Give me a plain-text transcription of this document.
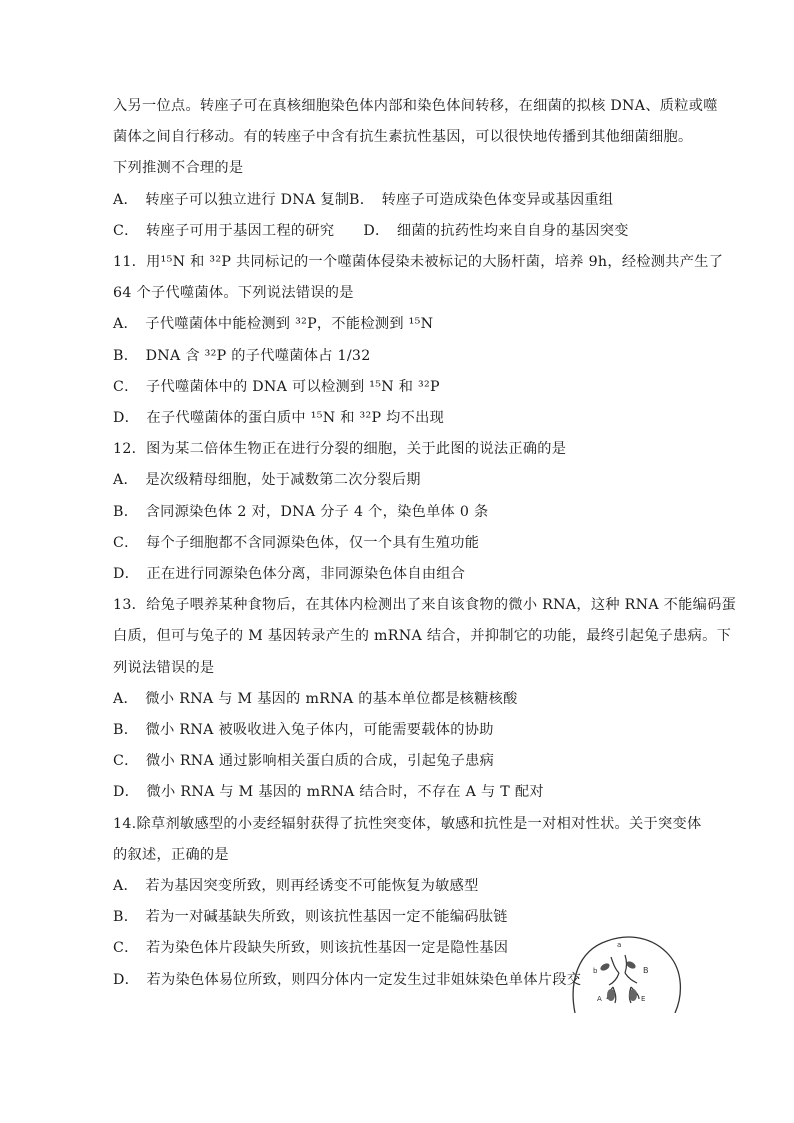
入另一位点。转座子可在真核细胞染色体内部和染色体间转移，在细菌的拟核 DNA、质粒或噬
菌体之间自行移动。有的转座子中含有抗生素抗性基因，可以很快地传播到其他细菌细胞。
下列推测不合理的是
A．　转座子可以独立进行 DNA 复制B．　转座子可造成染色体变异或基因重组
C．　转座子可用于基因工程的研究　　D．　细菌的抗药性均来自自身的基因突变
11．用¹⁵N 和 ³²P 共同标记的一个噬菌体侵染未被标记的大肠杆菌，培养 9h，经检测共产生了
64 个子代噬菌体。下列说法错误的是
A．　子代噬菌体中能检测到 ³²P，不能检测到 ¹⁵N
B．　DNA 含 ³²P 的子代噬菌体占 1/32
C．　子代噬菌体中的 DNA 可以检测到 ¹⁵N 和 ³²P
D．　在子代噬菌体的蛋白质中 ¹⁵N 和 ³²P 均不出现
12．图为某二倍体生物正在进行分裂的细胞，关于此图的说法正确的是
A．　是次级精母细胞，处于减数第二次分裂后期
B．　含同源染色体 2 对，DNA 分子 4 个，染色单体 0 条
C．　每个子细胞都不含同源染色体，仅一个具有生殖功能
D．　正在进行同源染色体分离，非同源染色体自由组合
13．给兔子喂养某种食物后，在其体内检测出了来自该食物的微小 RNA，这种 RNA 不能编码蛋
白质，但可与兔子的 M 基因转录产生的 mRNA 结合，并抑制它的功能，最终引起兔子患病。下
列说法错误的是
A．　微小 RNA 与 M 基因的 mRNA 的基本单位都是核糖核酸
B．　微小 RNA 被吸收进入兔子体内，可能需要载体的协助
C．　微小 RNA 通过影响相关蛋白质的合成，引起兔子患病
D．　微小 RNA 与 M 基因的 mRNA 结合时，不存在 A 与 T 配对
14.除草剂敏感型的小麦经辐射获得了抗性突变体，敏感和抗性是一对相对性状。关于突变体
的叙述，正确的是
A．　若为基因突变所致，则再经诱变不可能恢复为敏感型
B．　若为一对碱基缺失所致，则该抗性基因一定不能编码肽链
C．　若为染色体片段缺失所致，则该抗性基因一定是隐性基因
D．　若为染色体易位所致，则四分体内一定发生过非姐妹染色单体片段交
a
B
b
A	E
